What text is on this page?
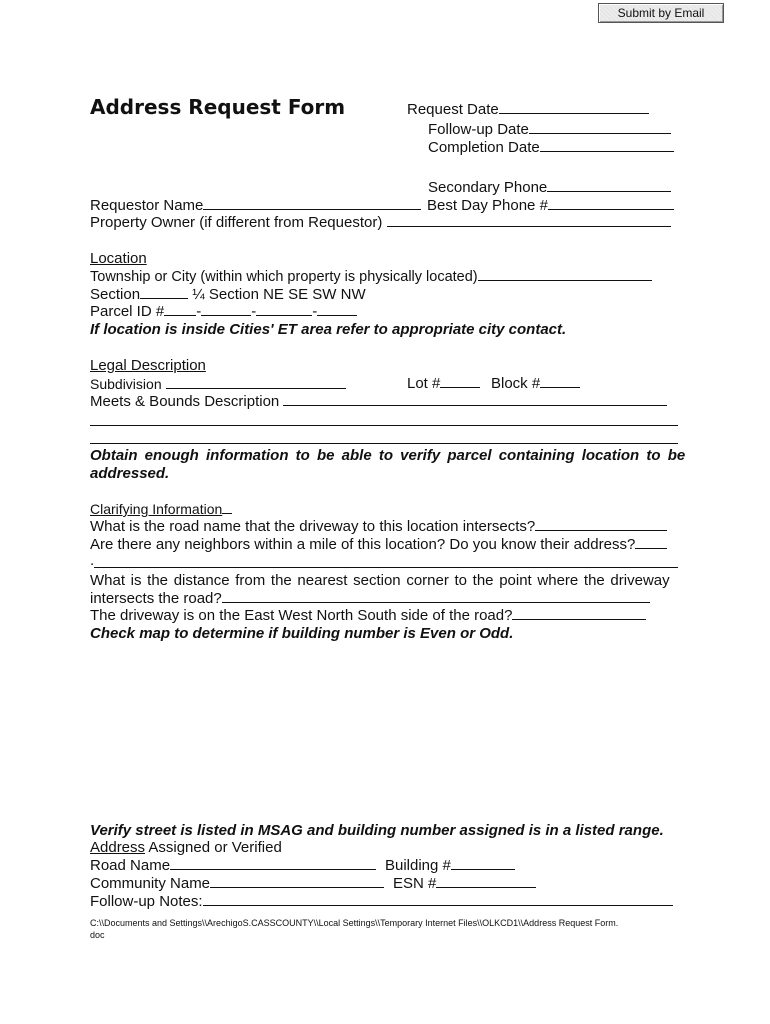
Submit by Email
Address Request Form	Request Date
Follow-up Date
Completion Date
Secondary Phone
Requestor Name	Best Day Phone #
Property Owner (if different from Requestor)
Location
Township or City (within which property is physically located)
Section	¼ Section NE SE SW NW
Parcel ID # -	-	-
If location is inside Cities' ET area refer to appropriate city contact.
Legal Description
Subdivision	Lot #	Block #
Meets & Bounds Description
Obtain enough information to be able to verify parcel containing location to be
addressed.
Clarifying Information
What is the road name that the driveway to this location intersects?
Are there any neighbors within a mile of this location? Do you know their address?
.
What is the distance from the nearest section corner to the point where the driveway
intersects the road?
The driveway is on the East West North South side of the road?
Check map to determine if building number is Even or Odd.
Verify street is listed in MSAG and building number assigned is in a listed range.
Address Assigned or Verified
Road Name	Building #
Community Name	ESN #
Follow-up Notes:
C:\\Documents and Settings\\ArechigoS.CASSCOUNTY\\Local Settings\\Temporary Internet Files\\OLKCD1\\Address Request Form.
doc
